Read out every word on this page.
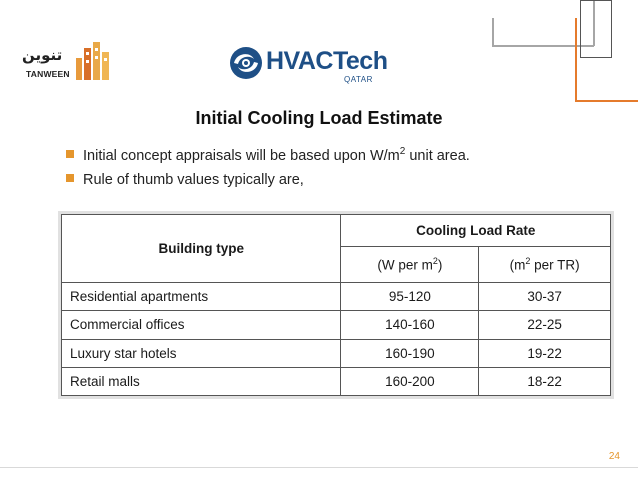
تنوين
TANWEEN	HVACTech
QATAR
Initial Cooling Load Estimate
Initial concept appraisals will be based upon $W/m^2$ unit area.
Rule of thumb values typically are,
Building type	Cooling Load Rate	
	(W per $m^2$)	($m^2$ per TR)
Residential apartments	95-120	30-37
Commercial offices	140-160	22-25
Luxury star hotels	160-190	19-22
Retail malls	160-200	18-22
24
